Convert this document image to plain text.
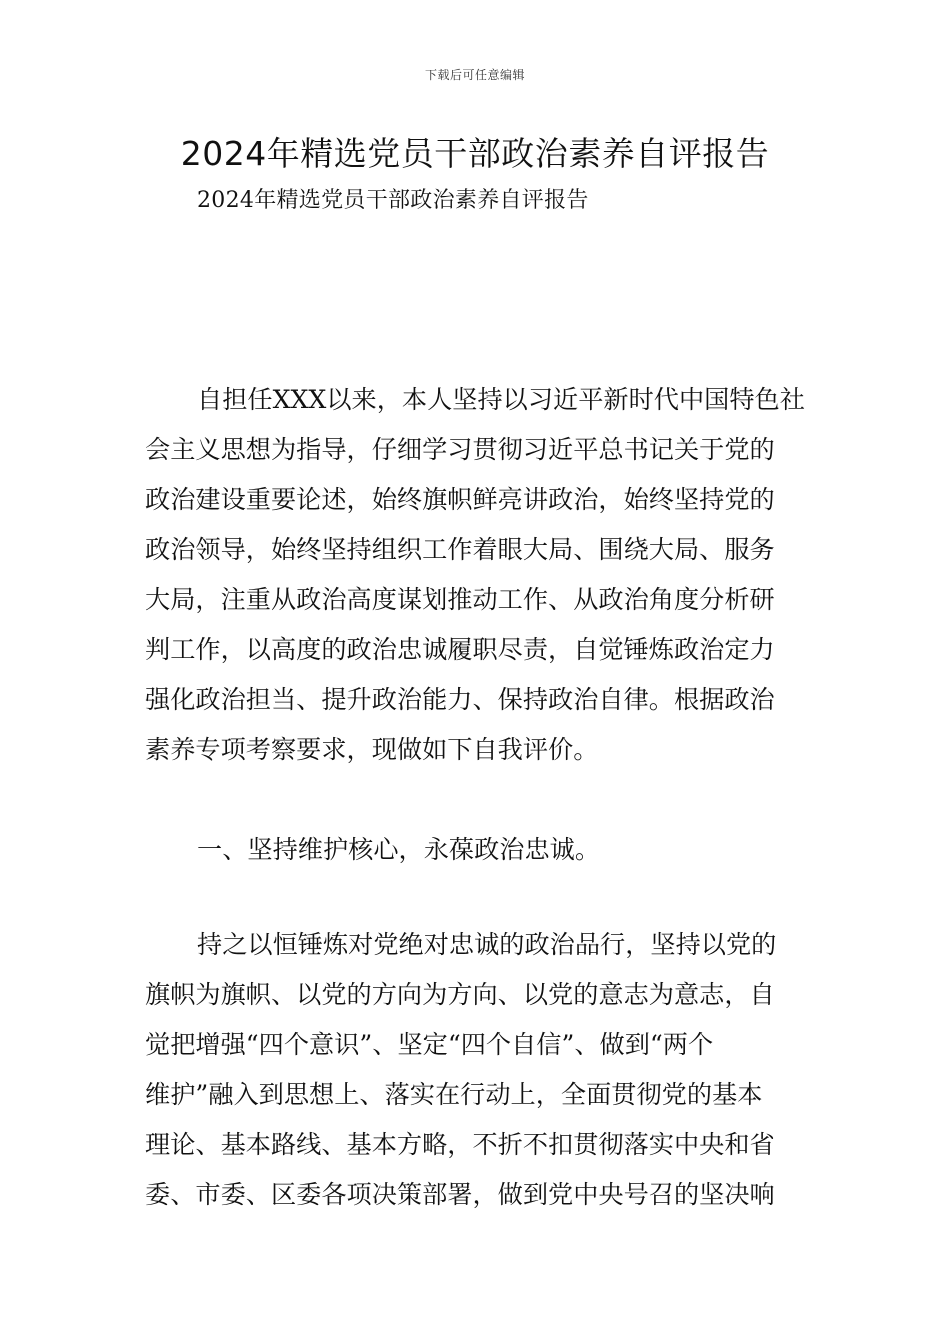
下载后可任意编辑
2024年精选党员干部政治素养自评报告

2024年精选党员干部政治素养自评报告

自担任XXX以来，本人坚持以习近平新时代中国特色社
会主义思想为指导，仔细学习贯彻习近平总书记关于党的
政治建设重要论述，始终旗帜鲜亮讲政治，始终坚持党的
政治领导，始终坚持组织工作着眼大局、围绕大局、服务
大局，注重从政治高度谋划推动工作、从政治角度分析研
判工作，以高度的政治忠诚履职尽责，自觉锤炼政治定力
强化政治担当、提升政治能力、保持政治自律。根据政治
素养专项考察要求，现做如下自我评价。

一、坚持维护核心，永葆政治忠诚。

持之以恒锤炼对党绝对忠诚的政治品行，坚持以党的
旗帜为旗帜、以党的方向为方向、以党的意志为意志，自
觉把增强“四个意识”、坚定“四个自信”、做到“两个
维护”融入到思想上、落实在行动上，全面贯彻党的基本
理论、基本路线、基本方略，不折不扣贯彻落实中央和省
委、市委、区委各项决策部署，做到党中央号召的坚决响
